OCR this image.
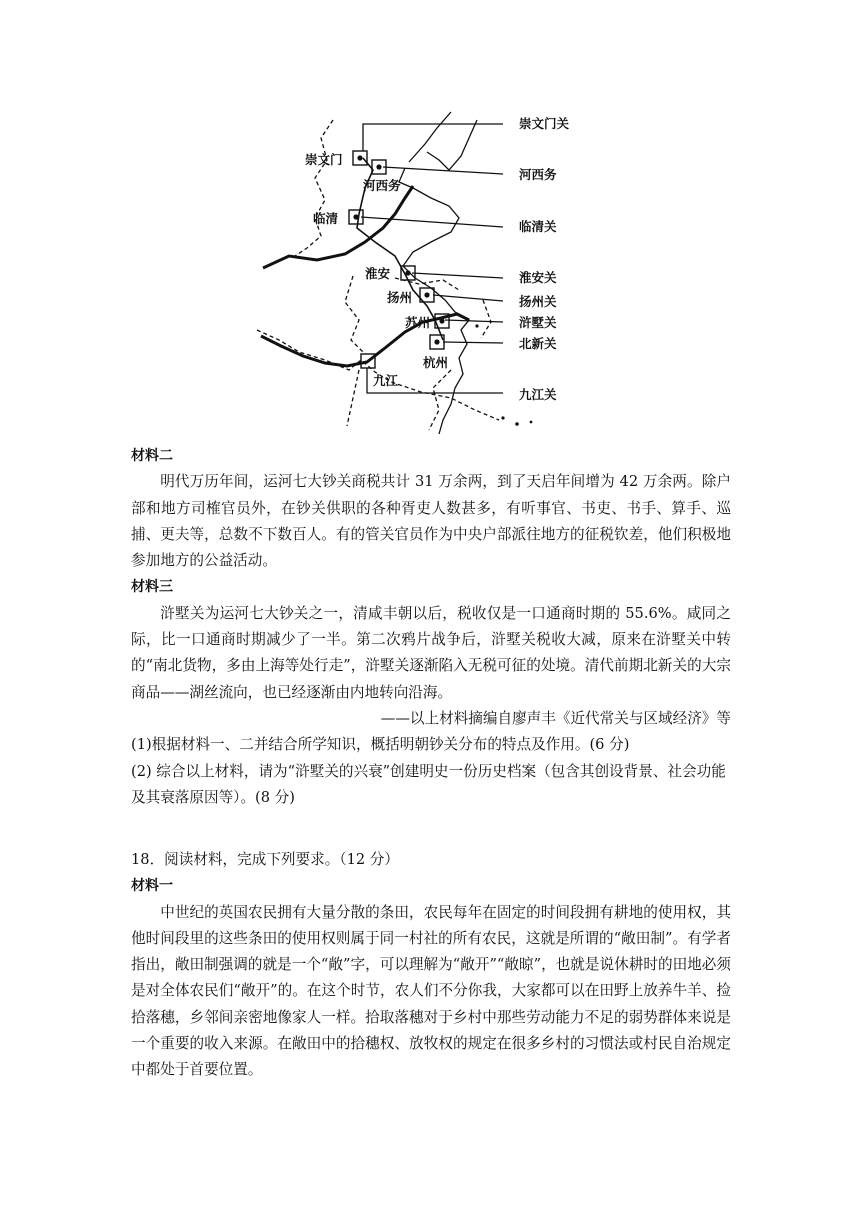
崇文门
河西务
临清
淮安
扬州
苏州
杭州
九江
崇文门关
河西务
临清关
淮安关
扬州关
浒墅关
北新关
九江关

材料二

明代万历年间，运河七大钞关商税共计 31 万余两，到了天启年间增为 42 万余两。除户部和地方司榷官员外，在钞关供职的各种胥吏人数甚多，有听事官、书吏、书手、算手、巡捕、更夫等，总数不下数百人。有的管关官员作为中央户部派往地方的征税钦差，他们积极地参加地方的公益活动。

材料三

浒墅关为运河七大钞关之一，清咸丰朝以后，税收仅是一口通商时期的 55.6%。咸同之际，比一口通商时期减少了一半。第二次鸦片战争后，浒墅关税收大减，原来在浒墅关中转的“南北货物，多由上海等处行走”，浒墅关逐渐陷入无税可征的处境。清代前期北新关的大宗商品——湖丝流向，也已经逐渐由内地转向沿海。

——以上材料摘编自廖声丰《近代常关与区域经济》等

(1)根据材料一、二并结合所学知识，概括明朝钞关分布的特点及作用。(6 分)

(2) 综合以上材料，请为“浒墅关的兴衰”创建明史一份历史档案（包含其创设背景、社会功能及其衰落原因等）。(8 分)

18．阅读材料，完成下列要求。（12 分）

材料一

中世纪的英国农民拥有大量分散的条田，农民每年在固定的时间段拥有耕地的使用权，其他时间段里的这些条田的使用权则属于同一村社的所有农民，这就是所谓的“敞田制”。有学者指出，敞田制强调的就是一个“敞”字，可以理解为“敞开”“敞晾”，也就是说休耕时的田地必须是对全体农民们“敞开”的。在这个时节，农人们不分你我，大家都可以在田野上放养牛羊、捡拾落穗，乡邻间亲密地像家人一样。拾取落穗对于乡村中那些劳动能力不足的弱势群体来说是一个重要的收入来源。在敞田中的拾穗权、放牧权的规定在很多乡村的习惯法或村民自治规定中都处于首要位置。
